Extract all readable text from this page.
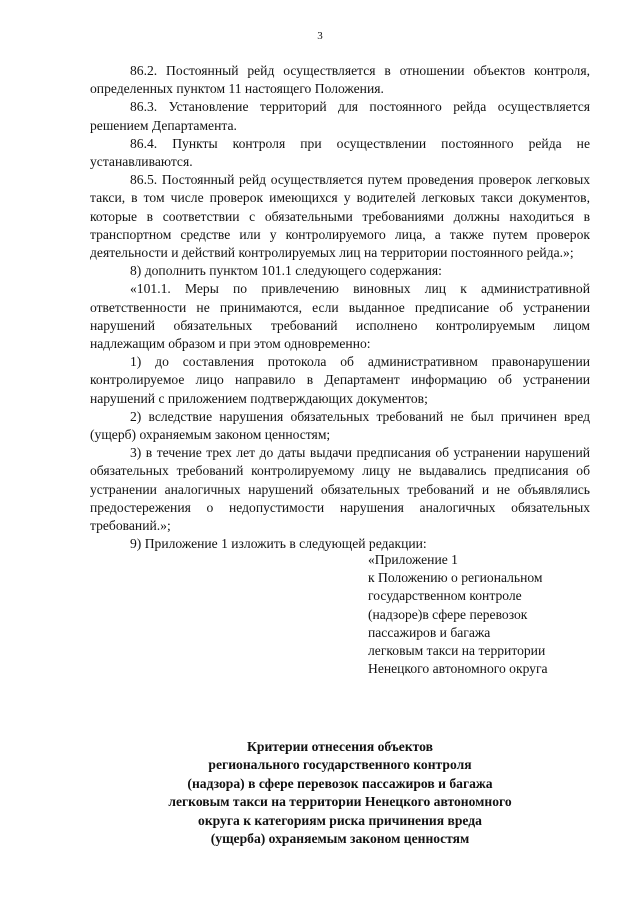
3

86.2. Постоянный рейд осуществляется в отношении объектов контроля, определенных пунктом 11 настоящего Положения.

86.3. Установление территорий для постоянного рейда осуществляется решением Департамента.

86.4. Пункты контроля при осуществлении постоянного рейда не устанавливаются.

86.5. Постоянный рейд осуществляется путем проведения проверок легковых такси, в том числе проверок имеющихся у водителей легковых такси документов, которые в соответствии с обязательными требованиями должны находиться в транспортном средстве или у контролируемого лица, а также путем проверок деятельности и действий контролируемых лиц на территории постоянного рейда.»;

8) дополнить пунктом 101.1 следующего содержания:

«101.1. Меры по привлечению виновных лиц к административной ответственности не принимаются, если выданное предписание об устранении нарушений обязательных требований исполнено контролируемым лицом надлежащим образом и при этом одновременно:

1) до составления протокола об административном правонарушении контролируемое лицо направило в Департамент информацию об устранении нарушений с приложением подтверждающих документов;

2) вследствие нарушения обязательных требований не был причинен вред (ущерб) охраняемым законом ценностям;

3) в течение трех лет до даты выдачи предписания об устранении нарушений обязательных требований контролируемому лицу не выдавались предписания об устранении аналогичных нарушений обязательных требований и не объявлялись предостережения о недопустимости нарушения аналогичных обязательных требований.»;

9) Приложение 1 изложить в следующей редакции:

«Приложение 1
к Положению о региональном
государственном контроле
(надзоре)в сфере перевозок
пассажиров и багажа
легковым такси на территории
Ненецкого автономного округа
Критерии отнесения объектов
регионального государственного контроля
(надзора) в сфере перевозок пассажиров и багажа
легковым такси на территории Ненецкого автономного
округа к категориям риска причинения вреда
(ущерба) охраняемым законом ценностям
